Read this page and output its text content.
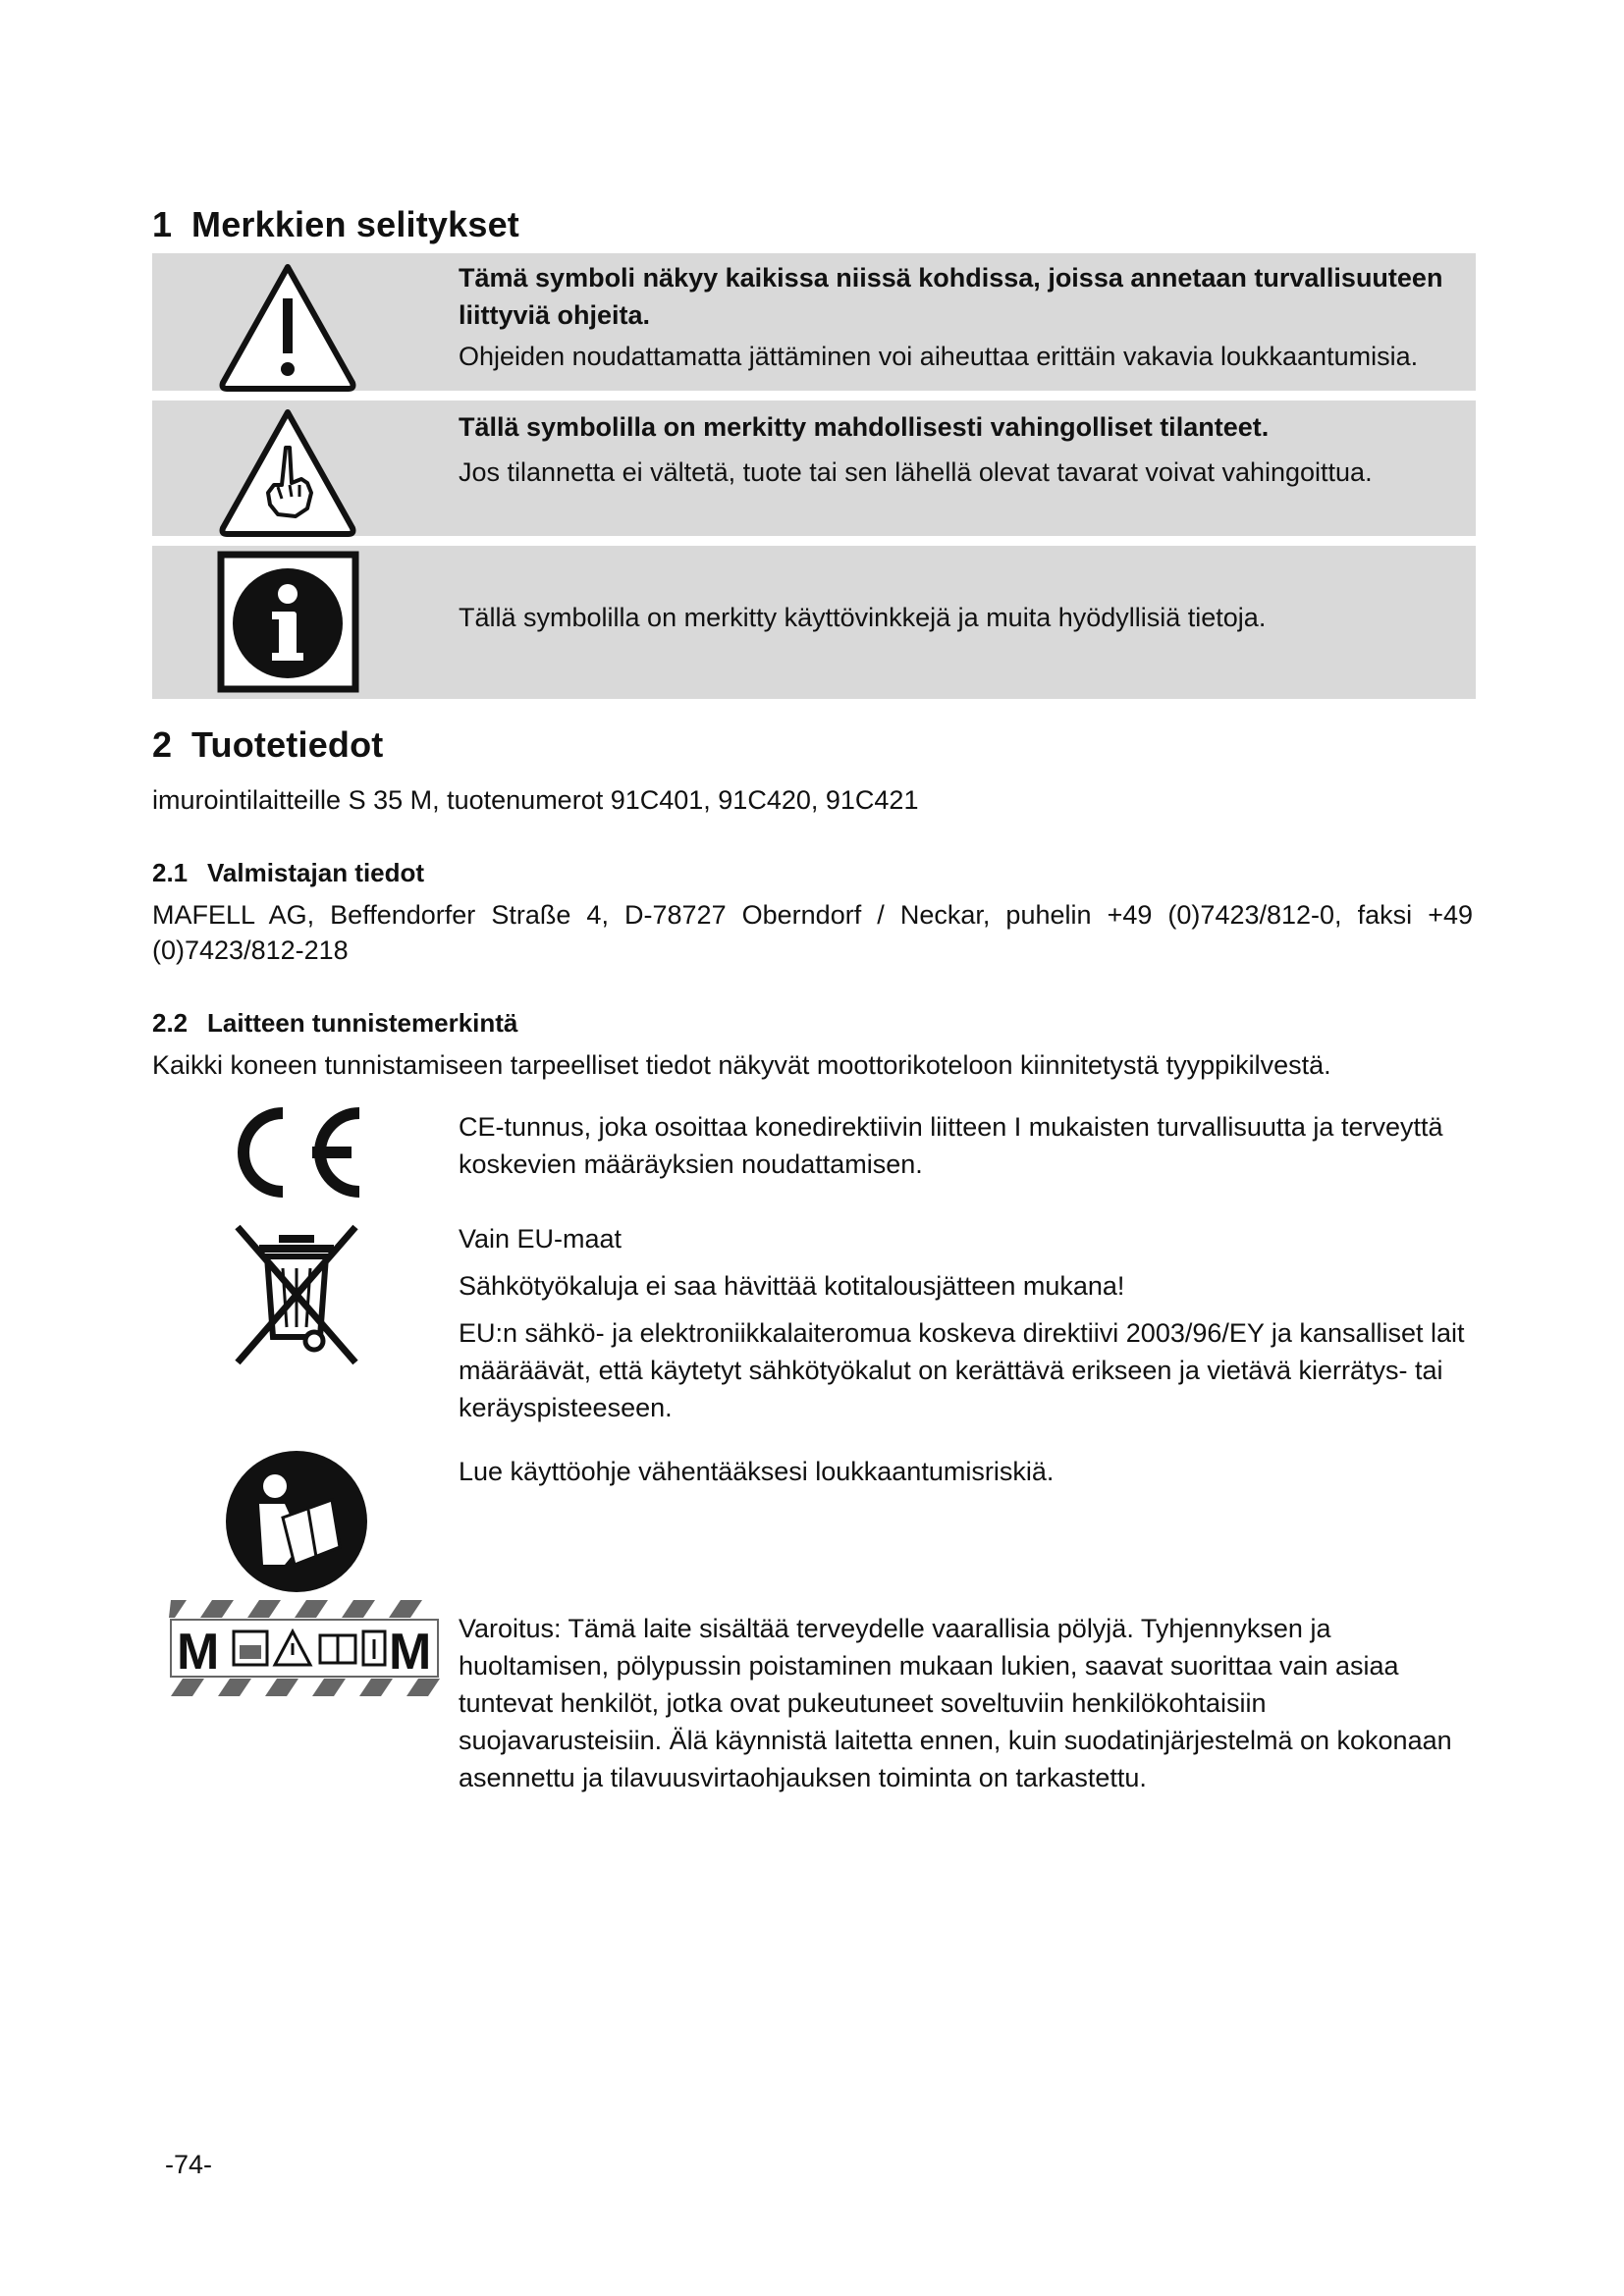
1 Merkkien selitykset
Tämä symboli näkyy kaikissa niissä kohdissa, joissa annetaan turvallisuuteen liittyviä ohjeita.
Ohjeiden noudattamatta jättäminen voi aiheuttaa erittäin vakavia loukkaantumisia.
Tällä symbolilla on merkitty mahdollisesti vahingolliset tilanteet.
Jos tilannetta ei vältetä, tuote tai sen lähellä olevat tavarat voivat vahingoittua.
Tällä symbolilla on merkitty käyttövinkkejä ja muita hyödyllisiä tietoja.
2 Tuotetiedot
imurointilaitteille S 35 M, tuotenumerot 91C401, 91C420, 91C421
2.1 Valmistajan tiedot
MAFELL AG, Beffendorfer Straße 4, D-78727 Oberndorf / Neckar, puhelin +49 (0)7423/812-0, faksi +49 (0)7423/812-218
2.2 Laitteen tunnistemerkintä
Kaikki koneen tunnistamiseen tarpeelliset tiedot näkyvät moottorikoteloon kiinnitetystä tyyppikilvestä.
CE-tunnus, joka osoittaa konedirektiivin liitteen I mukaisten turvallisuutta ja terveyttä koskevien määräyksien noudattamisen.

Vain EU-maat

Sähkötyökaluja ei saa hävittää kotitalousjätteen mukana!

EU:n sähkö- ja elektroniikkalaiteromua koskeva direktiivi 2003/96/EY ja kansalliset lait määräävät, että käytetyt sähkötyökalut on kerättävä erikseen ja vietävä kierrätys- tai keräyspisteeseen.

Lue käyttöohje vähentääksesi loukkaantumisriskiä.
M	M Varoitus: Tämä laite sisältää terveydelle vaarallisia pölyjä. Tyhjennyksen ja huoltamisen, pölypussin poistaminen mukaan lukien, saavat suorittaa vain asiaa tuntevat henkilöt, jotka ovat pukeutuneet soveltuviin henkilökohtaisiin suojavarusteisiin. Älä käynnistä laitetta ennen, kuin suodatinjärjestelmä on kokonaan asennettu ja tilavuusvirtaohjauksen toiminta on tarkastettu.
-74-
